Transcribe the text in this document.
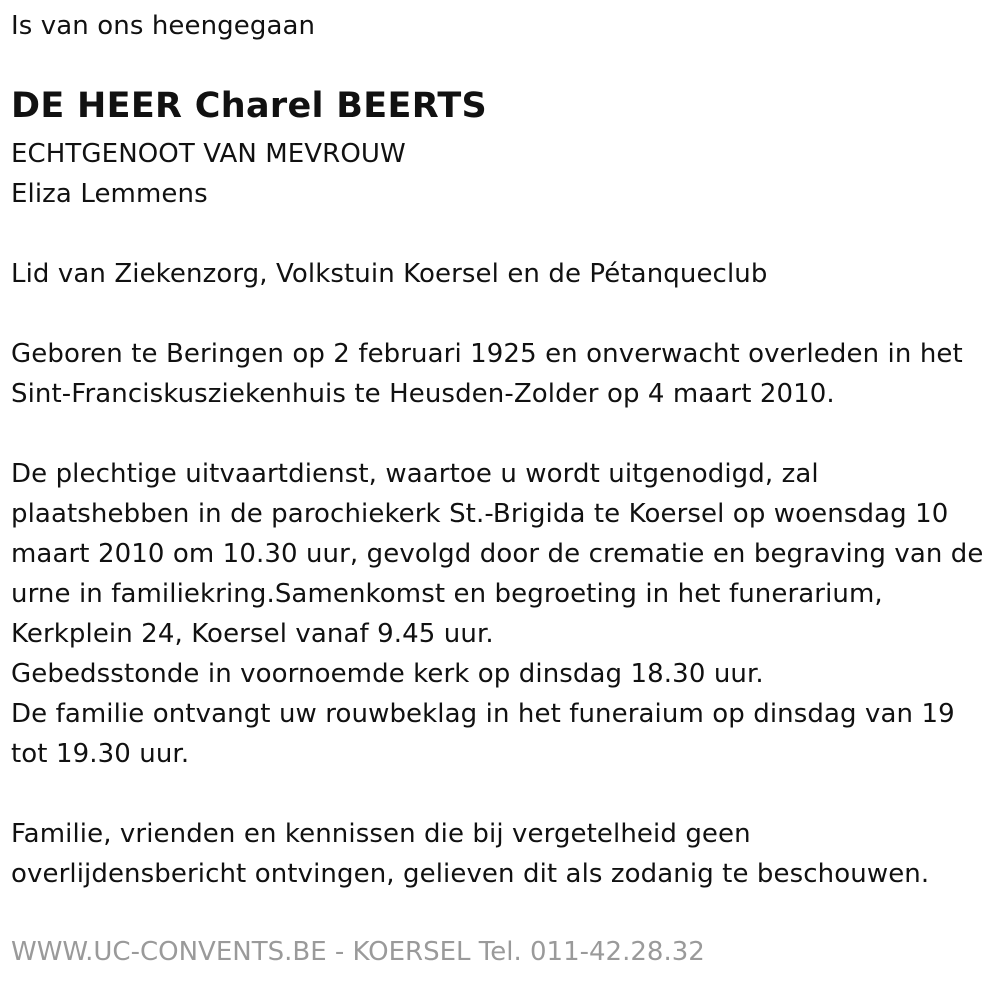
Is van ons heengegaan
DE HEER Charel BEERTS
ECHTGENOOT VAN MEVROUW
Eliza Lemmens
Lid van Ziekenzorg, Volkstuin Koersel en de Pétanqueclub
Geboren te Beringen op 2 februari 1925 en onverwacht overleden in het
Sint-Franciskusziekenhuis te Heusden-Zolder op 4 maart 2010.
De plechtige uitvaartdienst, waartoe u wordt uitgenodigd, zal
plaatshebben in de parochiekerk St.-Brigida te Koersel op woensdag 10
maart 2010 om 10.30 uur, gevolgd door de crematie en begraving van de
urne in familiekring.Samenkomst en begroeting in het funerarium,
Kerkplein 24, Koersel vanaf 9.45 uur.
Gebedsstonde in voornoemde kerk op dinsdag 18.30 uur.
De familie ontvangt uw rouwbeklag in het funeraium op dinsdag van 19
tot 19.30 uur.
Familie, vrienden en kennissen die bij vergetelheid geen
overlijdensbericht ontvingen, gelieven dit als zodanig te beschouwen.
WWW.UC-CONVENTS.BE - KOERSEL Tel. 011-42.28.32
